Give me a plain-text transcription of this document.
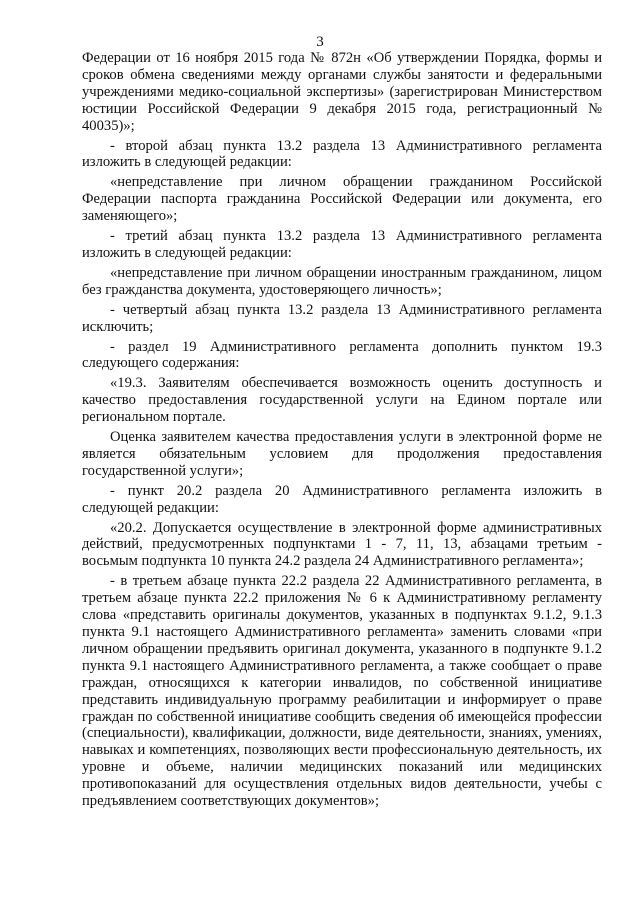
3

Федерации от 16 ноября 2015 года № 872н «Об утверждении Порядка, формы и сроков обмена сведениями между органами службы занятости и федеральными учреждениями медико-социальной экспертизы» (зарегистрирован Министерством юстиции Российской Федерации 9 декабря 2015 года, регистрационный № 40035)»;

- второй абзац пункта 13.2 раздела 13 Административного регламента изложить в следующей редакции:

«непредставление при личном обращении гражданином Российской Федерации паспорта гражданина Российской Федерации или документа, его заменяющего»;

- третий абзац пункта 13.2 раздела 13 Административного регламента изложить в следующей редакции:

«непредставление при личном обращении иностранным гражданином, лицом без гражданства документа, удостоверяющего личность»;

- четвертый абзац пункта 13.2 раздела 13 Административного регламента исключить;

- раздел 19 Административного регламента дополнить пунктом 19.3 следующего содержания:

«19.3. Заявителям обеспечивается возможность оценить доступность и качество предоставления государственной услуги на Едином портале или региональном портале.

Оценка заявителем качества предоставления услуги в электронной форме не является обязательным условием для продолжения предоставления государственной услуги»;

- пункт 20.2 раздела 20 Административного регламента изложить в следующей редакции:

«20.2. Допускается осуществление в электронной форме административных действий, предусмотренных подпунктами 1 - 7, 11, 13, абзацами третьим - восьмым подпункта 10 пункта 24.2 раздела 24 Административного регламента»;

- в третьем абзаце пункта 22.2 раздела 22 Административного регламента, в третьем абзаце пункта 22.2 приложения № 6 к Административному регламенту слова «представить оригиналы документов, указанных в подпунктах 9.1.2, 9.1.3 пункта 9.1 настоящего Административного регламента» заменить словами «при личном обращении предъявить оригинал документа, указанного в подпункте 9.1.2 пункта 9.1 настоящего Административного регламента, а также сообщает о праве граждан, относящихся к категории инвалидов, по собственной инициативе представить индивидуальную программу реабилитации и информирует о праве граждан по собственной инициативе сообщить сведения об имеющейся профессии (специальности), квалификации, должности, виде деятельности, знаниях, умениях, навыках и компетенциях, позволяющих вести профессиональную деятельность, их уровне и объеме, наличии медицинских показаний или медицинских противопоказаний для осуществления отдельных видов деятельности, учебы с предъявлением соответствующих документов»;
